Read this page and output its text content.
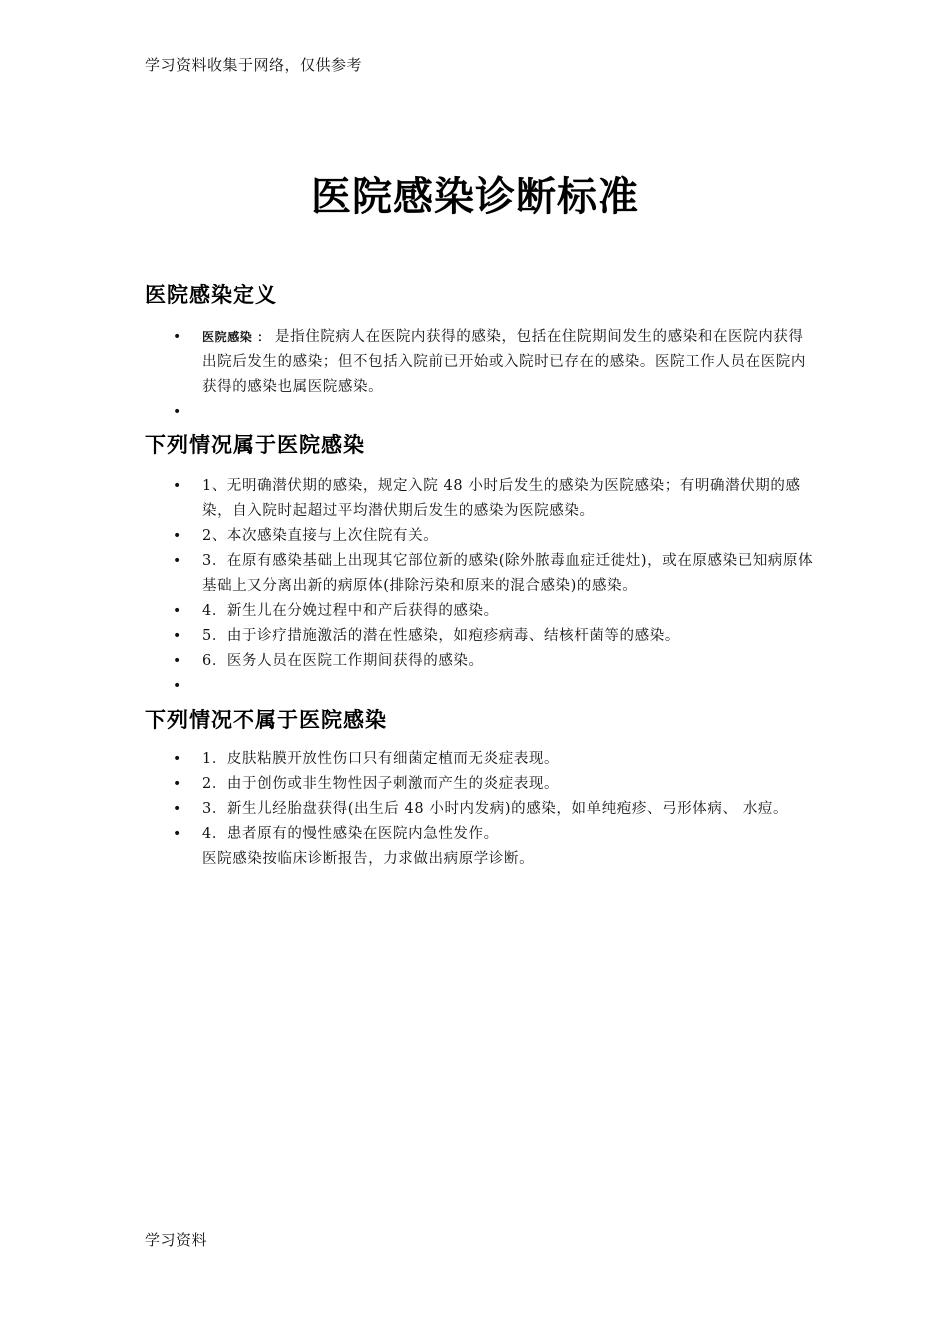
学习资料收集于网络，仅供参考
医院感染诊断标准
医院感染定义
• 医院感染 ： 是指住院病人在医院内获得的感染，包括在住院期间发生的感染和在医院内获得出院后发生的感染；但不包括入院前已开始或入院时已存在的感染。医院工作人员在医院内获得的感染也属医院感染。
•

下列情况属于医院感染
• 1、无明确潜伏期的感染，规定入院 48 小时后发生的感染为医院感染；有明确潜伏期的感染，自入院时起超过平均潜伏期后发生的感染为医院感染。
• 2、本次感染直接与上次住院有关。
• 3．在原有感染基础上出现其它部位新的感染(除外脓毒血症迁徙灶)，或在原感染已知病原体基础上又分离出新的病原体(排除污染和原来的混合感染)的感染。
• 4．新生儿在分娩过程中和产后获得的感染。
• 5．由于诊疗措施激活的潜在性感染，如疱疹病毒、结核杆菌等的感染。
• 6．医务人员在医院工作期间获得的感染。
•

下列情况不属于医院感染
• 1．皮肤粘膜开放性伤口只有细菌定植而无炎症表现。
• 2．由于创伤或非生物性因子刺激而产生的炎症表现。
• 3．新生儿经胎盘获得(出生后 48 小时内发病)的感染，如单纯疱疹、弓形体病、 水痘。
• 4．患者原有的慢性感染在医院内急性发作。
医院感染按临床诊断报告，力求做出病原学诊断。
学习资料
